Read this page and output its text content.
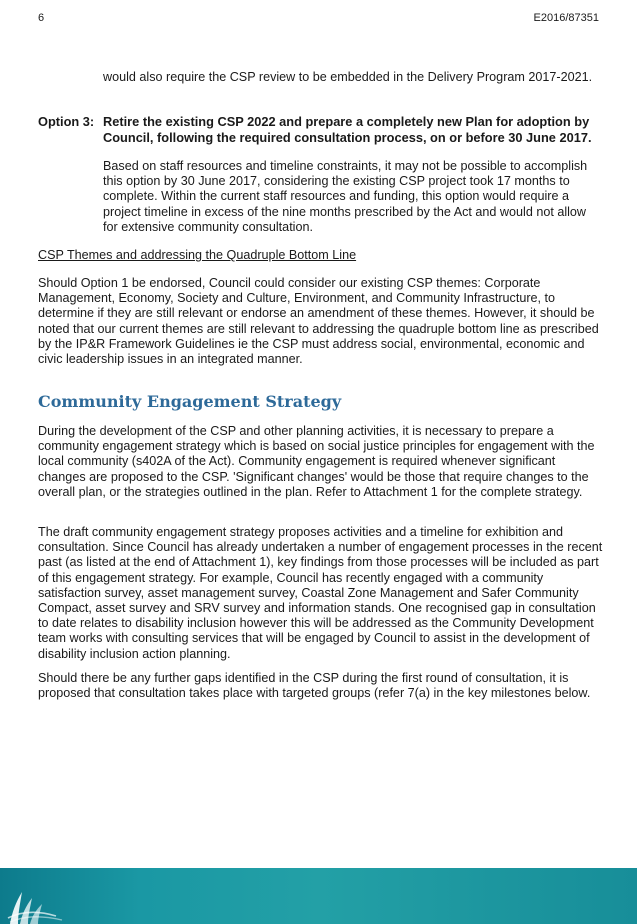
6	E2016/87351

would also require the CSP review to be embedded in the Delivery Program 2017-2021.

Option 3: Retire the existing CSP 2022 and prepare a completely new Plan for adoption by Council, following the required consultation process, on or before 30 June 2017.

Based on staff resources and timeline constraints, it may not be possible to accomplish this option by 30 June 2017, considering the existing CSP project took 17 months to complete. Within the current staff resources and funding, this option would require a project timeline in excess of the nine months prescribed by the Act and would not allow for extensive community consultation.

CSP Themes and addressing the Quadruple Bottom Line

Should Option 1 be endorsed, Council could consider our existing CSP themes: Corporate Management, Economy, Society and Culture, Environment, and Community Infrastructure, to determine if they are still relevant or endorse an amendment of these themes. However, it should be noted that our current themes are still relevant to addressing the quadruple bottom line as prescribed by the IP&R Framework Guidelines ie the CSP must address social, environmental, economic and civic leadership issues in an integrated manner.

Community Engagement Strategy

During the development of the CSP and other planning activities, it is necessary to prepare a community engagement strategy which is based on social justice principles for engagement with the local community (s402A of the Act). Community engagement is required whenever significant changes are proposed to the CSP. 'Significant changes' would be those that require changes to the overall plan, or the strategies outlined in the plan. Refer to Attachment 1 for the complete strategy.

The draft community engagement strategy proposes activities and a timeline for exhibition and consultation. Since Council has already undertaken a number of engagement processes in the recent past (as listed at the end of Attachment 1), key findings from those processes will be included as part of this engagement strategy. For example, Council has recently engaged with a community satisfaction survey, asset management survey, Coastal Zone Management and Safer Community Compact, asset survey and SRV survey and information stands. One recognised gap in consultation to date relates to disability inclusion however this will be addressed as the Community Development team works with consulting services that will be engaged by Council to assist in the development of disability inclusion action planning.

Should there be any further gaps identified in the CSP during the first round of consultation, it is proposed that consultation takes place with targeted groups (refer 7(a) in the key milestones below.
